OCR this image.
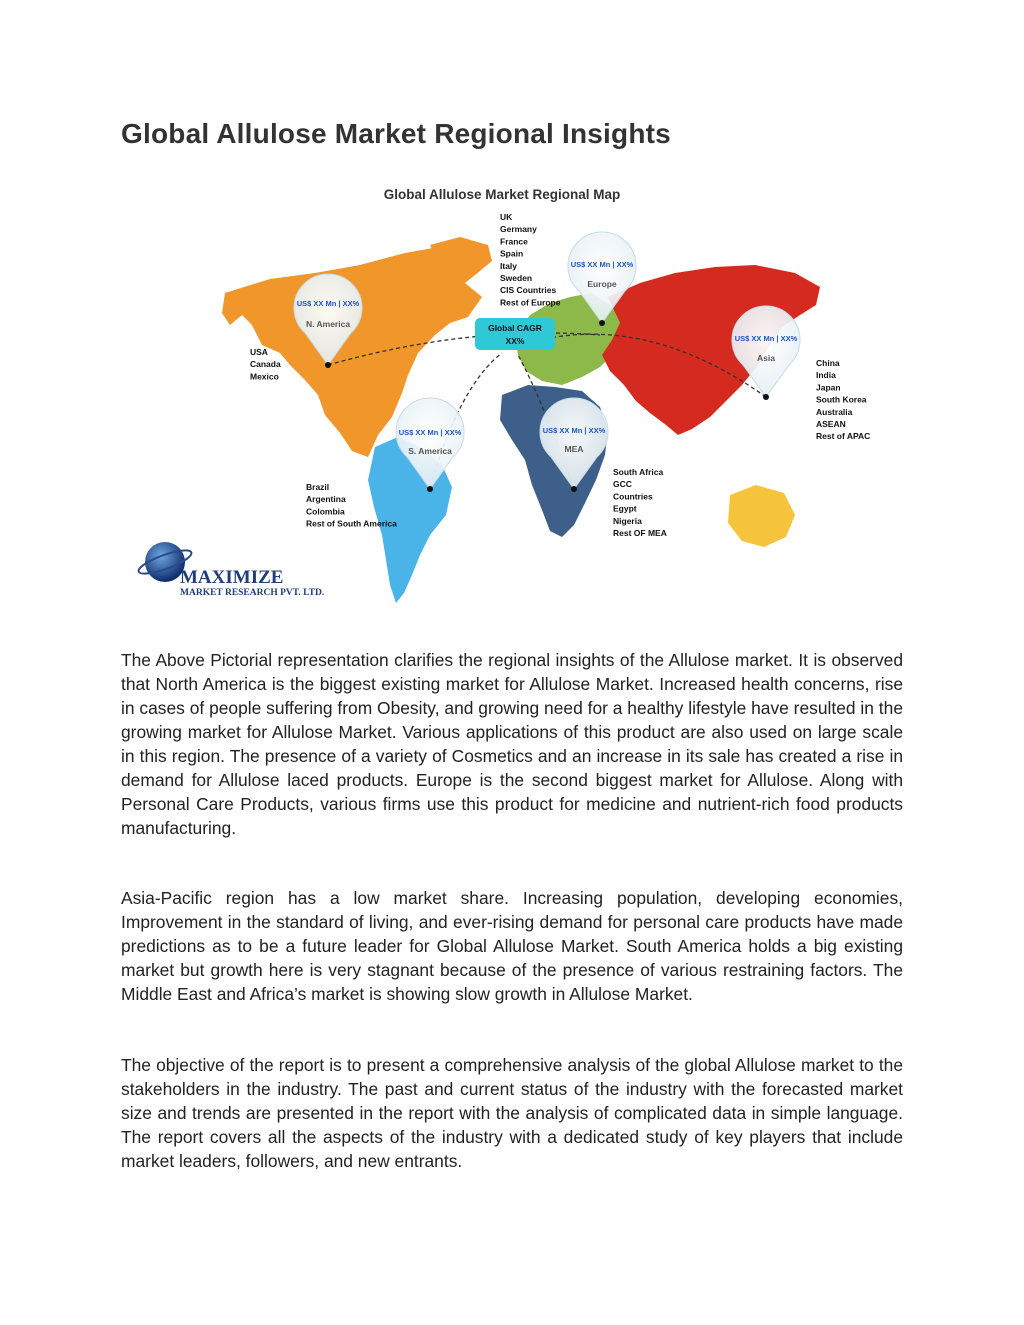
Global Allulose Market Regional Insights
Global Allulose Market Regional Map
US$ XX Mn | XX%
N. America
US$ XX Mn | XX%
Europe
US$ XX Mn | XX%
Asia
US$ XX Mn | XX%
S. America
US$ XX Mn | XX%
MEA
Global CAGR
XX%
USA Canada Mexico
Brazil Argentina Colombia Rest of South America
UK Germany France Spain Italy Sweden CIS Countries Rest of Europe
South Africa GCC Countries Egypt Nigeria Rest OF MEA
China India Japan South Korea Australia ASEAN Rest of APAC
MAXIMIZE
MARKET RESEARCH PVT. LTD.

The Above Pictorial representation clarifies the regional insights of the Allulose market. It is observed that North America is the biggest existing market for Allulose Market. Increased health concerns, rise in cases of people suffering from Obesity, and growing need for a healthy lifestyle have resulted in the growing market for Allulose Market. Various applications of this product are also used on large scale in this region. The presence of a variety of Cosmetics and an increase in its sale has created a rise in demand for Allulose laced products. Europe is the second biggest market for Allulose. Along with Personal Care Products, various firms use this product for medicine and nutrient-rich food products manufacturing.

Asia-Pacific region has a low market share. Increasing population, developing economies, Improvement in the standard of living, and ever-rising demand for personal care products have made predictions as to be a future leader for Global Allulose Market. South America holds a big existing market but growth here is very stagnant because of the presence of various restraining factors. The Middle East and Africa’s market is showing slow growth in Allulose Market.

The objective of the report is to present a comprehensive analysis of the global Allulose market to the stakeholders in the industry. The past and current status of the industry with the forecasted market size and trends are presented in the report with the analysis of complicated data in simple language. The report covers all the aspects of the industry with a dedicated study of key players that include market leaders, followers, and new entrants.
